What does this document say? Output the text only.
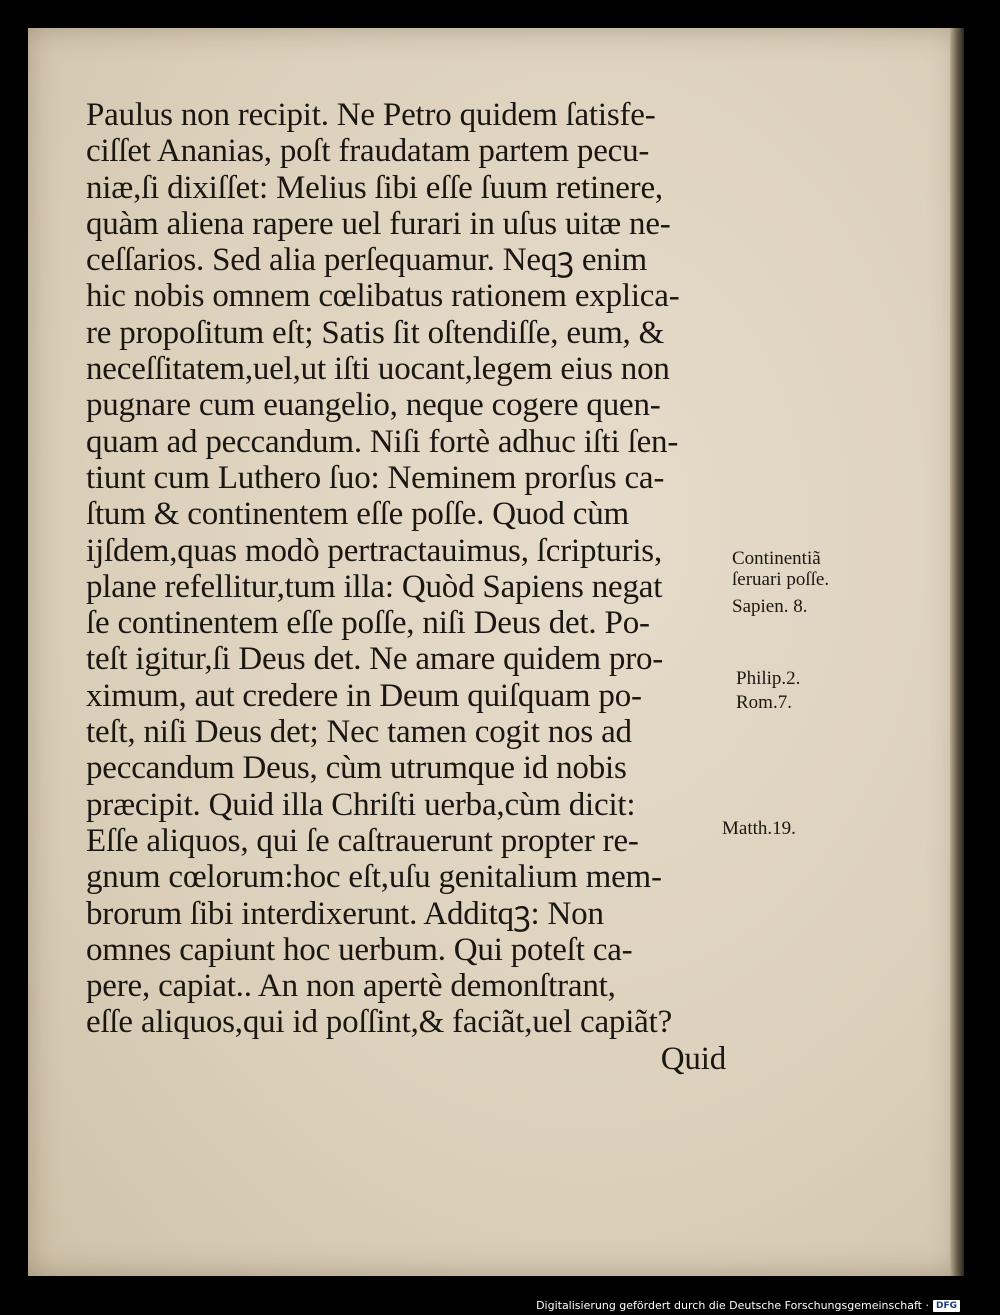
Paulus non recipit. Ne Petro quidem ſatisfe-
ciſſet Ananias, poſt fraudatam partem pecu-
niæ,ſi dixiſſet: Melius ſibi eſſe ſuum retinere,
quàm aliena rapere uel furari in uſus uitæ ne-
ceſſarios. Sed alia perſequamur. Neqꝫ enim
hic nobis omnem cœlibatus rationem explica-
re propoſitum eſt; Satis ſit oſtendiſſe, eum, &
neceſſitatem,uel,ut iſti uocant,legem eius non
pugnare cum euangelio, neque cogere quen-
quam ad peccandum. Niſi fortè adhuc iſti ſen-
tiunt cum Luthero ſuo: Neminem prorſus ca-
ſtum & continentem eſſe poſſe. Quod cùm
ĳſdem,quas modò pertractauimus, ſcripturis,
plane refellitur,tum illa: Quòd Sapiens negat
ſe continentem eſſe poſſe, niſi Deus det. Po-
teſt igitur,ſi Deus det. Ne amare quidem pro-
ximum, aut credere in Deum quiſquam po-
teſt, niſi Deus det; Nec tamen cogit nos ad
peccandum Deus, cùm utrumque id nobis
præcipit. Quid illa Chriſti uerba,cùm dicit:
Eſſe aliquos, qui ſe caſtrauerunt propter re-
gnum cœlorum:hoc eſt,uſu genitalium mem-
brorum ſibi interdixerunt. Additqꝫ: Non
omnes capiunt hoc uerbum. Qui poteſt ca-
pere, capiat.. An non apertè demonſtrant,
eſſe aliquos,qui id poſſint,& faciãt,uel capiãt?
Quid
Continentiã
ſeruari poſſe.
Sapien. 8.
Philip.2.
Rom.7.
Matth.19.
Digitalisierung gefördert durch die Deutsche Forschungsgemeinschaft · DFG
